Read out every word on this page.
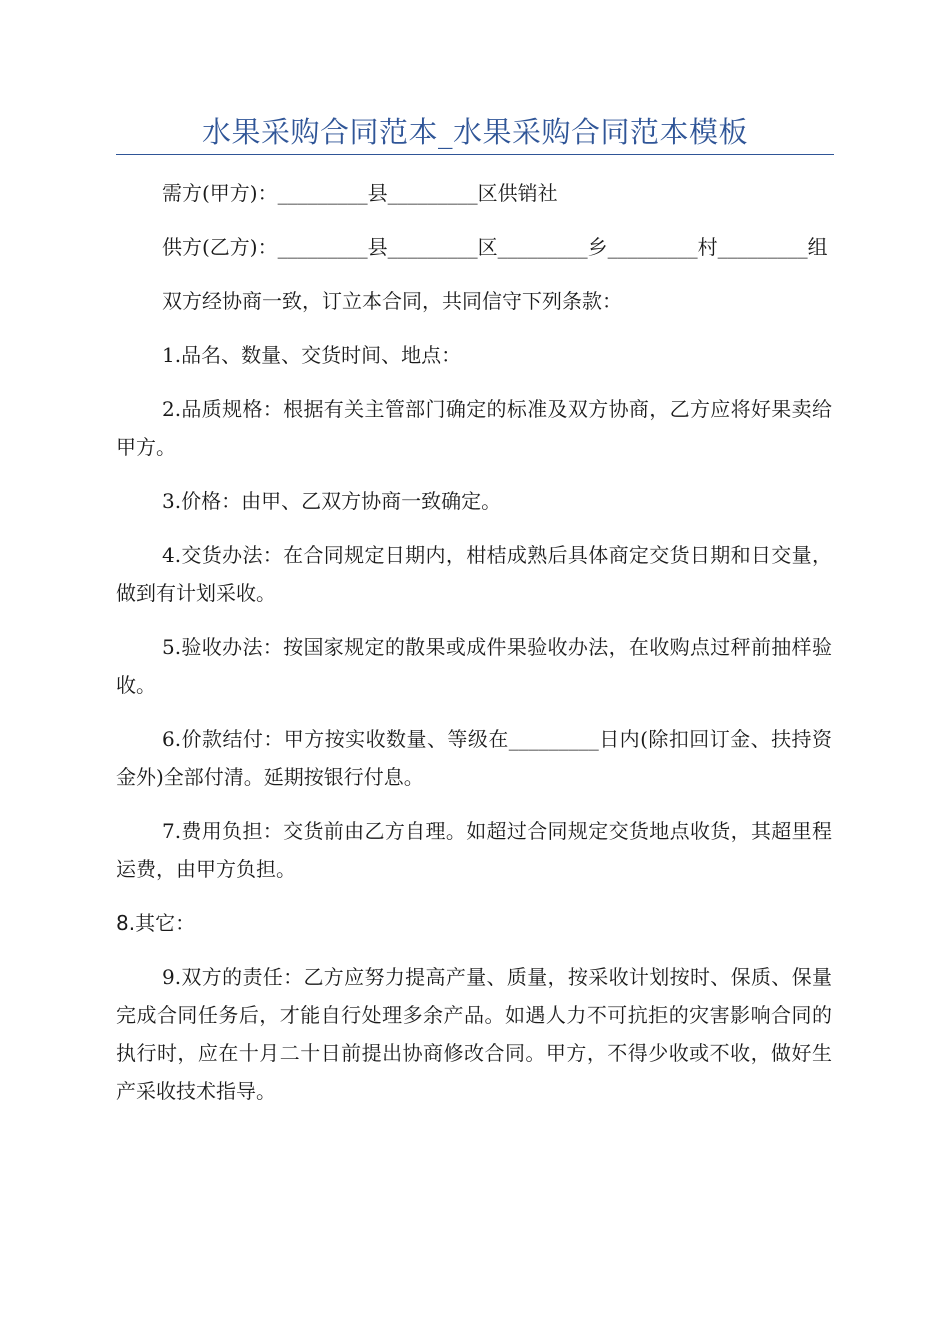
水果采购合同范本_水果采购合同范本模板

需方(甲方)：_________县_________区供销社

供方(乙方)：_________县_________区_________乡_________村_________组

双方经协商一致，订立本合同，共同信守下列条款：

1.品名、数量、交货时间、地点：

2.品质规格：根据有关主管部门确定的标准及双方协商，乙方应将好果卖给甲方。

3.价格：由甲、乙双方协商一致确定。

4.交货办法：在合同规定日期内，柑桔成熟后具体商定交货日期和日交量，做到有计划采收。

5.验收办法：按国家规定的散果或成件果验收办法，在收购点过秤前抽样验收。

6.价款结付：甲方按实收数量、等级在_________日内(除扣回订金、扶持资金外)全部付清。延期按银行付息。

7.费用负担：交货前由乙方自理。如超过合同规定交货地点收货，其超里程运费，由甲方负担。

8.其它：

9.双方的责任：乙方应努力提高产量、质量，按采收计划按时、保质、保量完成合同任务后，才能自行处理多余产品。如遇人力不可抗拒的灾害影响合同的执行时，应在十月二十日前提出协商修改合同。甲方，不得少收或不收，做好生产采收技术指导。
